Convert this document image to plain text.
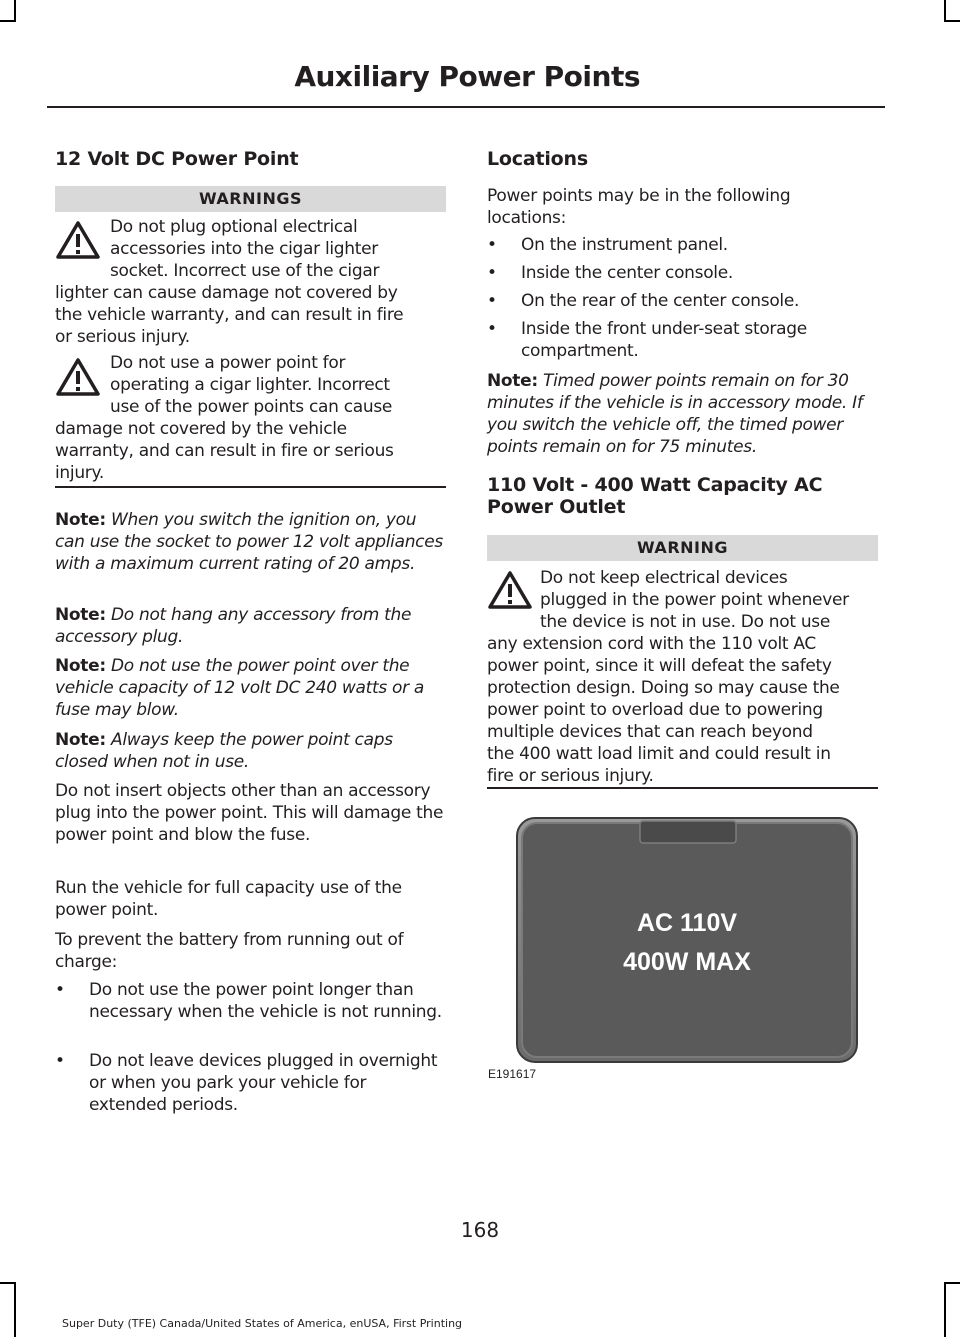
Auxiliary Power Points
12 Volt DC Power Point
WARNINGS
Do not plug optional electrical
accessories into the cigar lighter
socket. Incorrect use of the cigar
lighter can cause damage not covered by
the vehicle warranty, and can result in fire
or serious injury.
Do not use a power point for
operating a cigar lighter. Incorrect
use of the power points can cause
damage not covered by the vehicle
warranty, and can result in fire or serious
injury.
Note: When you switch the ignition on, you can use the socket to power 12 volt appliances with a maximum current rating of 20 amps.
Note: Do not hang any accessory from the accessory plug.
Note: Do not use the power point over the vehicle capacity of 12 volt DC 240 watts or a fuse may blow.
Note: Always keep the power point caps closed when not in use.
Do not insert objects other than an accessory plug into the power point. This will damage the power point and blow the fuse.
Run the vehicle for full capacity use of the power point.
To prevent the battery from running out of charge:
• Do not use the power point longer than necessary when the vehicle is not running.
• Do not leave devices plugged in overnight or when you park your vehicle for extended periods.
Locations
Power points may be in the following locations:
• On the instrument panel.
• Inside the center console.
• On the rear of the center console.
• Inside the front under-seat storage compartment.
Note: Timed power points remain on for 30 minutes if the vehicle is in accessory mode. If you switch the vehicle off, the timed power points remain on for 75 minutes.
110 Volt - 400 Watt Capacity AC Power Outlet
WARNING
Do not keep electrical devices
plugged in the power point whenever
the device is not in use. Do not use
any extension cord with the 110 volt AC
power point, since it will defeat the safety
protection design. Doing so may cause the
power point to overload due to powering
multiple devices that can reach beyond
the 400 watt load limit and could result in
fire or serious injury.
AC 110V
400W MAX
E191617
168
Super Duty (TFE) Canada/United States of America, enUSA, First Printing
